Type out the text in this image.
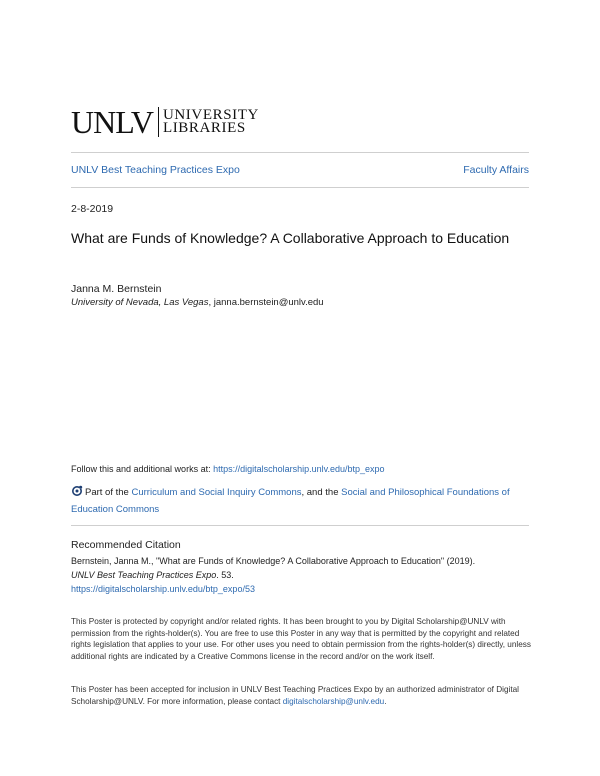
UNLV UNIVERSITY
LIBRARIES
UNLV Best Teaching Practices Expo	Faculty Affairs
2-8-2019
What are Funds of Knowledge? A Collaborative Approach to Education
Janna M. Bernstein
University of Nevada, Las Vegas, janna.bernstein@unlv.edu
Follow this and additional works at: https://digitalscholarship.unlv.edu/btp_expo
Part of the Curriculum and Social Inquiry Commons, and the Social and Philosophical Foundations of Education Commons
Recommended Citation
Bernstein, Janna M., "What are Funds of Knowledge? A Collaborative Approach to Education" (2019).
UNLV Best Teaching Practices Expo. 53.
https://digitalscholarship.unlv.edu/btp_expo/53
This Poster is protected by copyright and/or related rights. It has been brought to you by Digital Scholarship@UNLV with permission from the rights-holder(s). You are free to use this Poster in any way that is permitted by the copyright and related rights legislation that applies to your use. For other uses you need to obtain permission from the rights-holder(s) directly, unless additional rights are indicated by a Creative Commons license in the record and/or on the work itself.
This Poster has been accepted for inclusion in UNLV Best Teaching Practices Expo by an authorized administrator of Digital Scholarship@UNLV. For more information, please contact digitalscholarship@unlv.edu.
